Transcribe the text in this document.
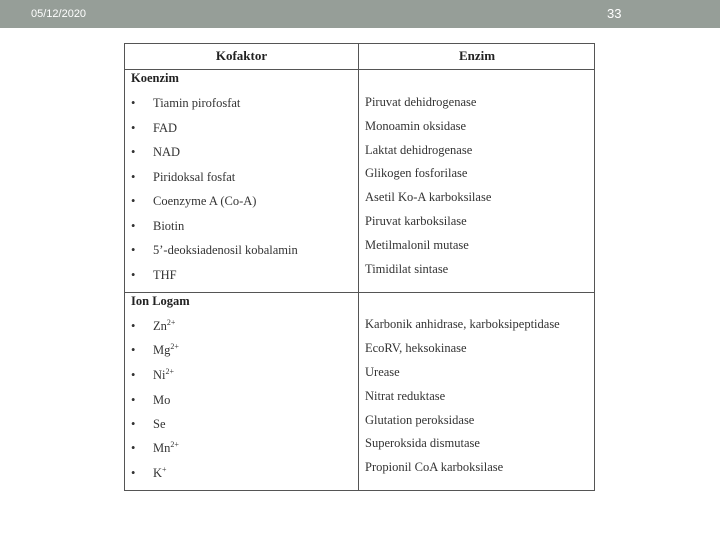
05/12/2020	33
Kofaktor	Enzim
Koenzim
• Tiamin pirofosfat	Piruvat dehidrogenase
• FAD	Monoamin oksidase
• NAD	Laktat dehidrogenase
• Piridoksal fosfat	Glikogen fosforilase
• Coenzyme A (Co-A)	Asetil Ko-A karboksilase
• Biotin	Piruvat karboksilase
• 5’-deoksiadenosil kobalamin	Metilmalonil mutase
• THF	Timidilat sintase
Ion Logam
• $Zn^{2+}$	Karbonik anhidrase, karboksipeptidase
• $Mg^{2+}$	EcoRV, heksokinase
• $Ni^{2+}$	Urease
• Mo	Nitrat reduktase
• Se	Glutation peroksidase
• $Mn^{2+}$	Superoksida dismutase
• K+	Propionil CoA karboksilase
